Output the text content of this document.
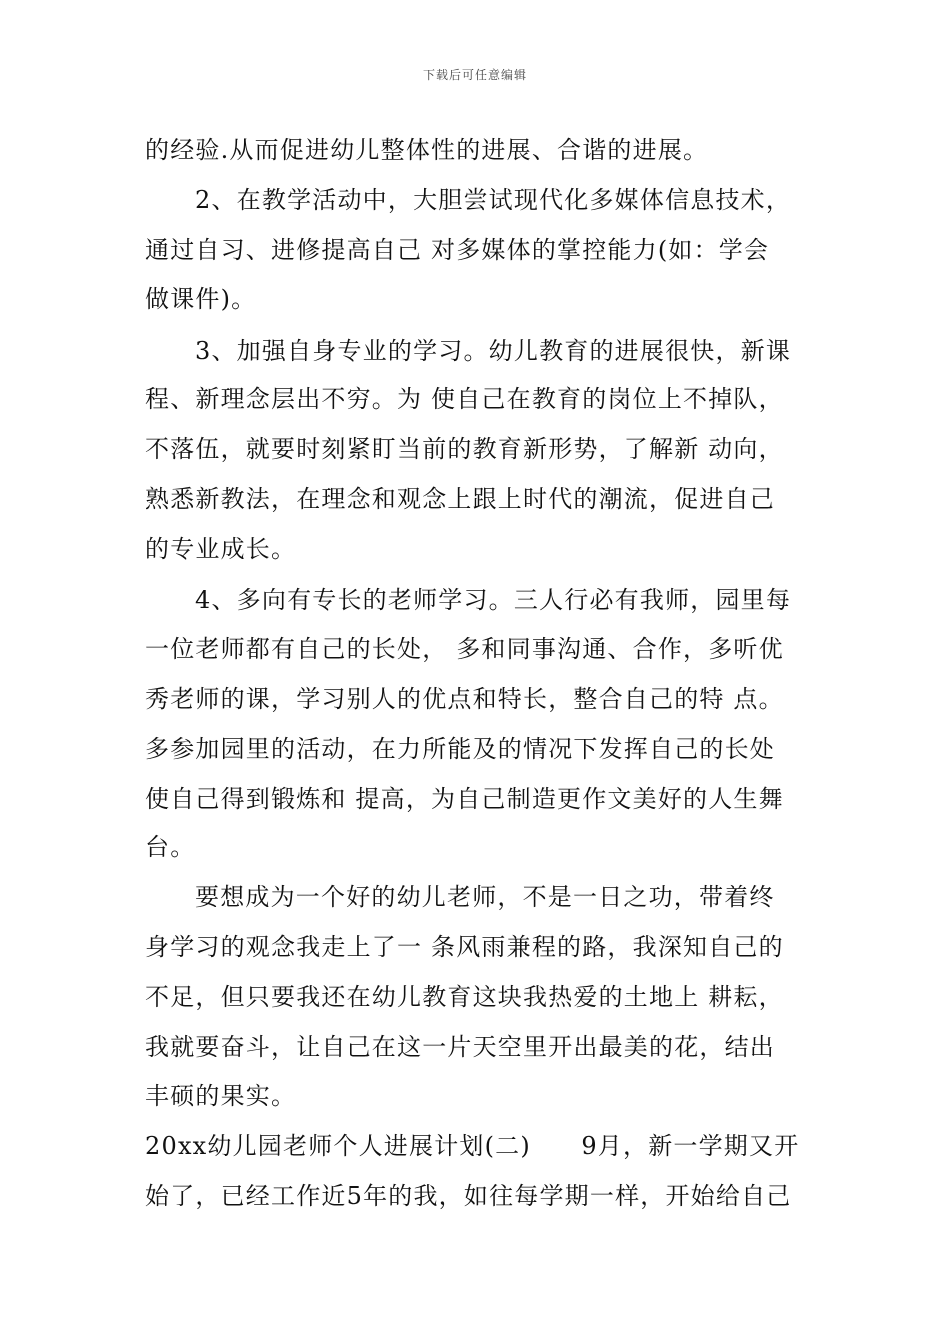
下载后可任意编辑
的经验.从而促进幼儿整体性的进展、合谐的进展。
2、在教学活动中，大胆尝试现代化多媒体信息技术，
通过自习、进修提高自己 对多媒体的掌控能力(如：学会
做课件)。
3、加强自身专业的学习。幼儿教育的进展很快，新课
程、新理念层出不穷。为 使自己在教育的岗位上不掉队，
不落伍，就要时刻紧盯当前的教育新形势，了解新 动向，
熟悉新教法，在理念和观念上跟上时代的潮流，促进自己
的专业成长。
4、多向有专长的老师学习。三人行必有我师，园里每
一位老师都有自己的长处， 多和同事沟通、合作，多听优
秀老师的课，学习别人的优点和特长，整合自己的特 点。
多参加园里的活动，在力所能及的情况下发挥自己的长处
使自己得到锻炼和 提高，为自己制造更作文美好的人生舞
台。
要想成为一个好的幼儿老师，不是一日之功，带着终
身学习的观念我走上了一 条风雨兼程的路，我深知自己的
不足，但只要我还在幼儿教育这块我热爱的土地上 耕耘，
我就要奋斗，让自己在这一片天空里开出最美的花，结出
丰硕的果实。
20xx幼儿园老师个人进展计划(二)　　9月，新一学期又开
始了，已经工作近5年的我，如往每学期一样，开始给自己
